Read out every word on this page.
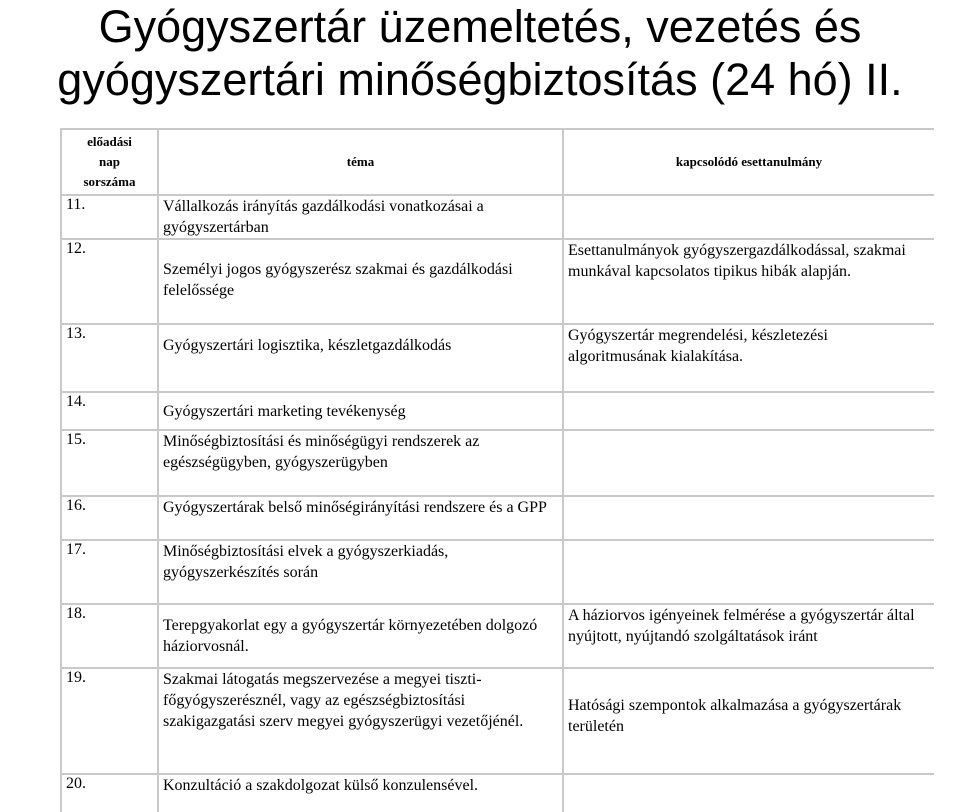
Gyógyszertár üzemeltetés, vezetés és
gyógyszertári minőségbiztosítás (24 hó) II.
előadási
nap
sorszáma	téma	kapcsolódó esettanulmány
11.	Vállalkozás irányítás gazdálkodási vonatkozásai a gyógyszertárban	
12.	Személyi jogos gyógyszerész szakmai és gazdálkodási felelőssége	Esettanulmányok gyógyszergazdálkodással, szakmai munkával kapcsolatos tipikus hibák alapján.
13.	Gyógyszertári logisztika, készletgazdálkodás	Gyógyszertár megrendelési, készletezési algoritmusának kialakítása.
14.	Gyógyszertári marketing tevékenység	
15.	Minőségbiztosítási és minőségügyi rendszerek az egészségügyben, gyógyszerügyben	
16.	Gyógyszertárak belső minőségirányítási rendszere és a GPP	
17.	Minőségbiztosítási elvek a gyógyszerkiadás, gyógyszerkészítés során	
18.	Terepgyakorlat egy a gyógyszertár környezetében dolgozó háziorvosnál.	A háziorvos igényeinek felmérése a gyógyszertár által nyújtott, nyújtandó szolgáltatások iránt
19.	Szakmai látogatás megszervezése a megyei tiszti-főgyógyszerésznél, vagy az egészségbiztosítási szakigazgatási szerv megyei gyógyszerügyi vezetőjénél.	Hatósági szempontok alkalmazása a gyógyszertárak területén
20.	Konzultáció a szakdolgozat külső konzulensével.	
